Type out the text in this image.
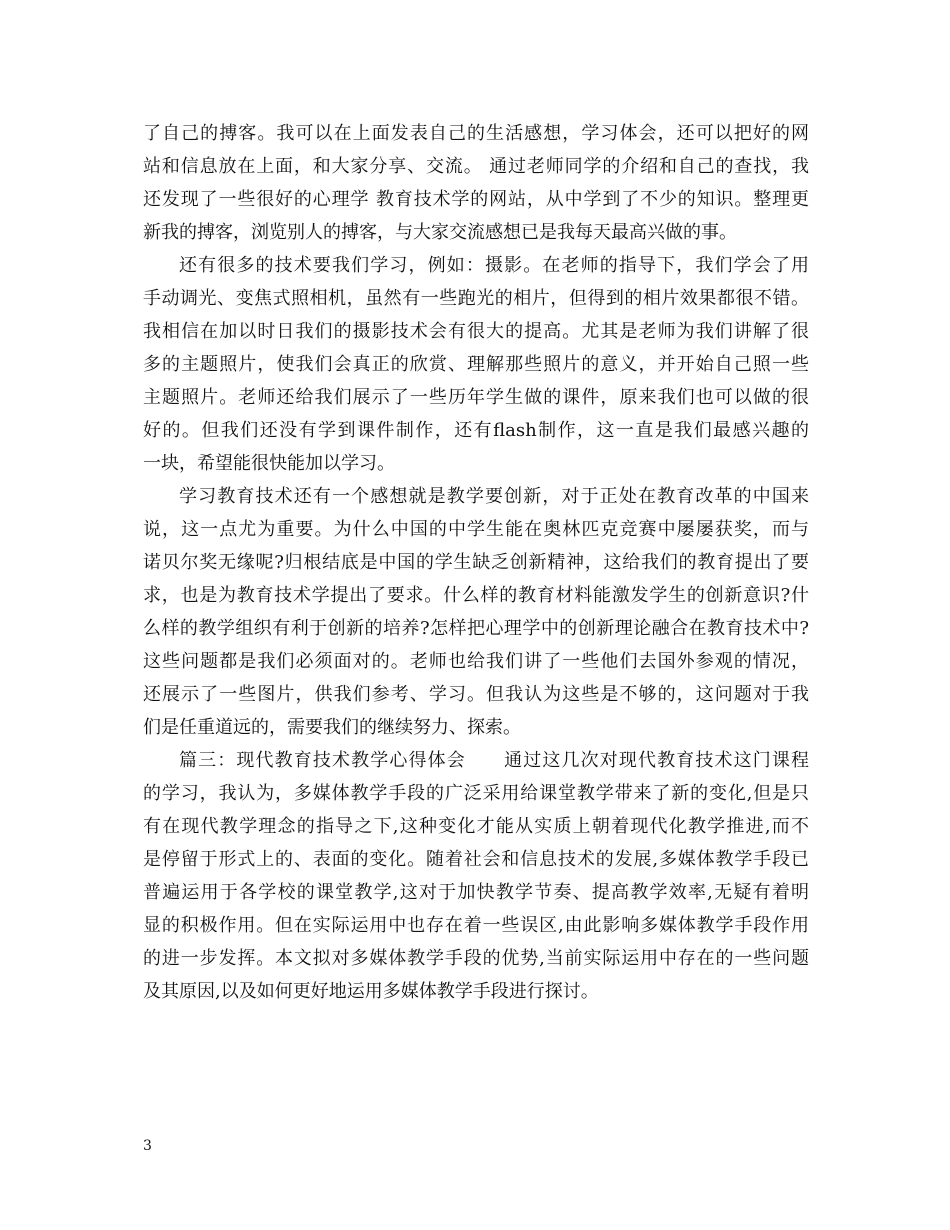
了自己的搏客。我可以在上面发表自己的生活感想，学习体会，还可以把好的网
站和信息放在上面，和大家分享、交流。 通过老师同学的介绍和自己的查找，我
还发现了一些很好的心理学 教育技术学的网站，从中学到了不少的知识。整理更
新我的搏客，浏览别人的搏客，与大家交流感想已是我每天最高兴做的事。
还有很多的技术要我们学习，例如：摄影。在老师的指导下，我们学会了用
手动调光、变焦式照相机，虽然有一些跑光的相片，但得到的相片效果都很不错。
我相信在加以时日我们的摄影技术会有很大的提高。尤其是老师为我们讲解了很
多的主题照片，使我们会真正的欣赏、理解那些照片的意义，并开始自己照一些
主题照片。老师还给我们展示了一些历年学生做的课件，原来我们也可以做的很
好的。但我们还没有学到课件制作，还有flash制作，这一直是我们最感兴趣的
一块，希望能很快能加以学习。
学习教育技术还有一个感想就是教学要创新，对于正处在教育改革的中国来
说，这一点尤为重要。为什么中国的中学生能在奥林匹克竞赛中屡屡获奖，而与
诺贝尔奖无缘呢?归根结底是中国的学生缺乏创新精神，这给我们的教育提出了要
求，也是为教育技术学提出了要求。什么样的教育材料能激发学生的创新意识?什
么样的教学组织有利于创新的培养?怎样把心理学中的创新理论融合在教育技术中?
这些问题都是我们必须面对的。老师也给我们讲了一些他们去国外参观的情况，
还展示了一些图片，供我们参考、学习。但我认为这些是不够的，这问题对于我
们是任重道远的，需要我们的继续努力、探索。
篇三：现代教育技术教学心得体会　　通过这几次对现代教育技术这门课程
的学习，我认为，多媒体教学手段的广泛采用给课堂教学带来了新的变化,但是只
有在现代教学理念的指导之下,这种变化才能从实质上朝着现代化教学推进,而不
是停留于形式上的、表面的变化。随着社会和信息技术的发展,多媒体教学手段已
普遍运用于各学校的课堂教学,这对于加快教学节奏、提高教学效率,无疑有着明
显的积极作用。但在实际运用中也存在着一些误区,由此影响多媒体教学手段作用
的进一步发挥。本文拟对多媒体教学手段的优势,当前实际运用中存在的一些问题
及其原因,以及如何更好地运用多媒体教学手段进行探讨。
3
